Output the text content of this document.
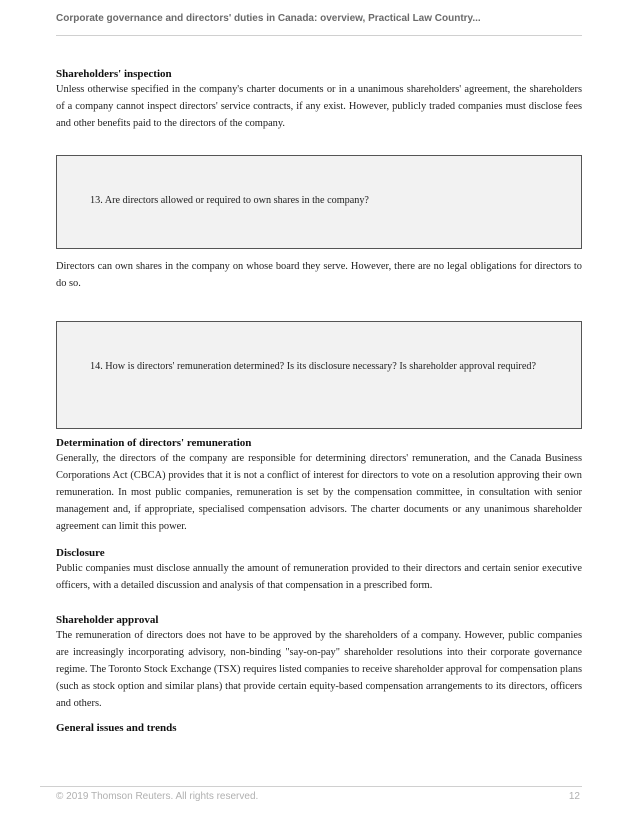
Corporate governance and directors' duties in Canada: overview, Practical Law Country...

Shareholders' inspection

Unless otherwise specified in the company's charter documents or in a unanimous shareholders' agreement, the shareholders of a company cannot inspect directors' service contracts, if any exist. However, publicly traded companies must disclose fees and other benefits paid to the directors of the company.

13. Are directors allowed or required to own shares in the company?

Directors can own shares in the company on whose board they serve. However, there are no legal obligations for directors to do so.

14. How is directors' remuneration determined? Is its disclosure necessary? Is shareholder approval required?

Determination of directors' remuneration

Generally, the directors of the company are responsible for determining directors' remuneration, and the Canada Business Corporations Act (CBCA) provides that it is not a conflict of interest for directors to vote on a resolution approving their own remuneration. In most public companies, remuneration is set by the compensation committee, in consultation with senior management and, if appropriate, specialised compensation advisors. The charter documents or any unanimous shareholder agreement can limit this power.

Disclosure

Public companies must disclose annually the amount of remuneration provided to their directors and certain senior executive officers, with a detailed discussion and analysis of that compensation in a prescribed form.

Shareholder approval

The remuneration of directors does not have to be approved by the shareholders of a company. However, public companies are increasingly incorporating advisory, non-binding "say-on-pay" shareholder resolutions into their corporate governance regime. The Toronto Stock Exchange (TSX) requires listed companies to receive shareholder approval for compensation plans (such as stock option and similar plans) that provide certain equity-based compensation arrangements to its directors, officers and others.

General issues and trends

© 2019 Thomson Reuters. All rights reserved.	12
